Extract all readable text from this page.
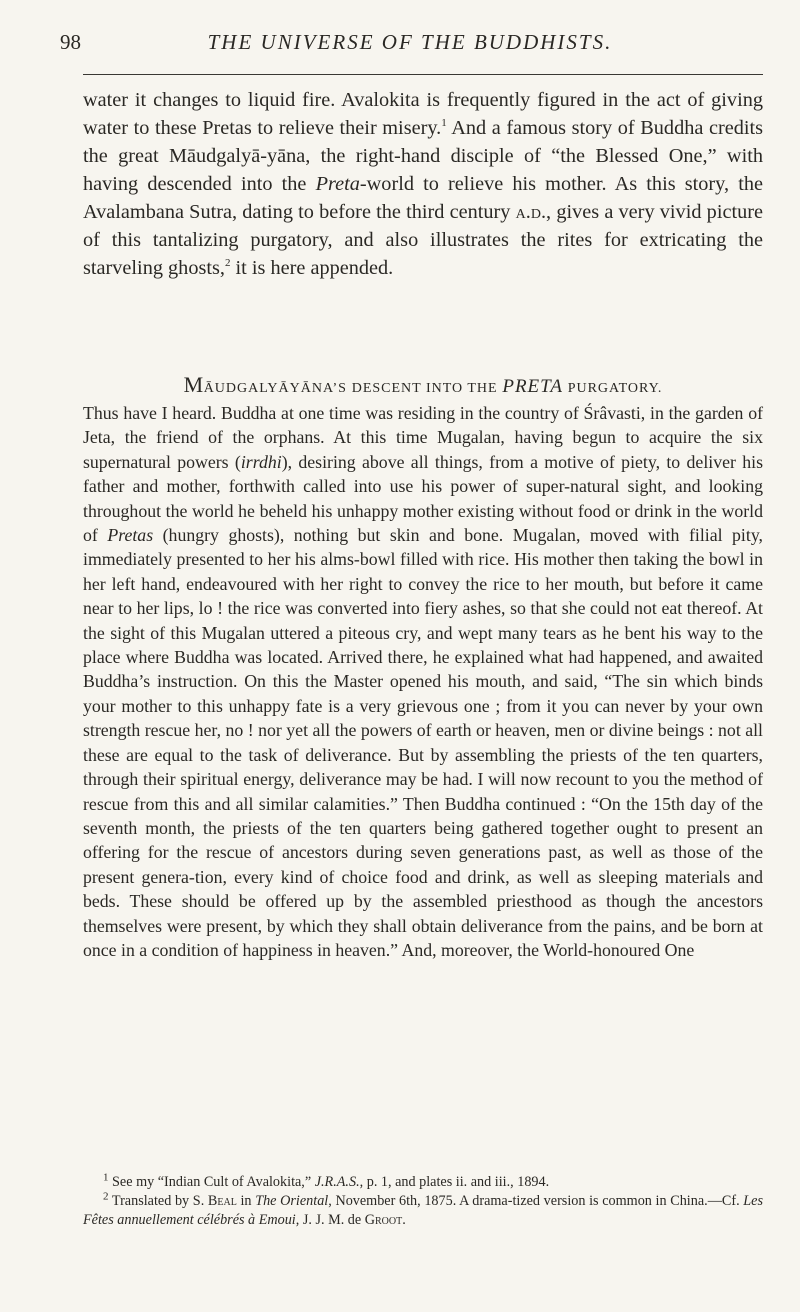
98	THE UNIVERSE OF THE BUDDHISTS.

water it changes to liquid fire. Avalokita is frequently figured in the act of giving water to these Pretas to relieve their misery.$^1$ And a famous story of Buddha credits the great Māudgalyā-yāna, the right-hand disciple of “the Blessed One,” with having descended into the Preta-world to relieve his mother. As this story, the Avalambana Sutra, dating to before the third century a.d., gives a very vivid picture of this tantalizing purgatory, and also illustrates the rites for extricating the starveling ghosts,$^2$ it is here appended.

MĀUDGALYĀYĀNA’S DESCENT INTO THE PRETA PURGATORY.

Thus have I heard. Buddha at one time was residing in the country of Śrâvasti, in the garden of Jeta, the friend of the orphans. At this time Mugalan, having begun to acquire the six supernatural powers (irrdhi), desiring above all things, from a motive of piety, to deliver his father and mother, forthwith called into use his power of super-natural sight, and looking throughout the world he beheld his unhappy mother existing without food or drink in the world of Pretas (hungry ghosts), nothing but skin and bone. Mugalan, moved with filial pity, immediately presented to her his alms-bowl filled with rice. His mother then taking the bowl in her left hand, endeavoured with her right to convey the rice to her mouth, but before it came near to her lips, lo ! the rice was converted into fiery ashes, so that she could not eat thereof. At the sight of this Mugalan uttered a piteous cry, and wept many tears as he bent his way to the place where Buddha was located. Arrived there, he explained what had happened, and awaited Buddha’s instruction. On this the Master opened his mouth, and said, “The sin which binds your mother to this unhappy fate is a very grievous one ; from it you can never by your own strength rescue her, no ! nor yet all the powers of earth or heaven, men or divine beings : not all these are equal to the task of deliverance. But by assembling the priests of the ten quarters, through their spiritual energy, deliverance may be had. I will now recount to you the method of rescue from this and all similar calamities.” Then Buddha continued : “On the 15th day of the seventh month, the priests of the ten quarters being gathered together ought to present an offering for the rescue of ancestors during seven generations past, as well as those of the present genera-tion, every kind of choice food and drink, as well as sleeping materials and beds. These should be offered up by the assembled priesthood as though the ancestors themselves were present, by which they shall obtain deliverance from the pains, and be born at once in a condition of happiness in heaven.” And, moreover, the World-honoured One

$^1$ See my “Indian Cult of Avalokita,” J.R.A.S., p. 1, and plates ii. and iii., 1894.

$^2$ Translated by S. Beal in The Oriental, November 6th, 1875. A drama-tized version is common in China.—Cf. Les Fêtes annuellement célébrés à Emoui, J. J. M. de Groot.
